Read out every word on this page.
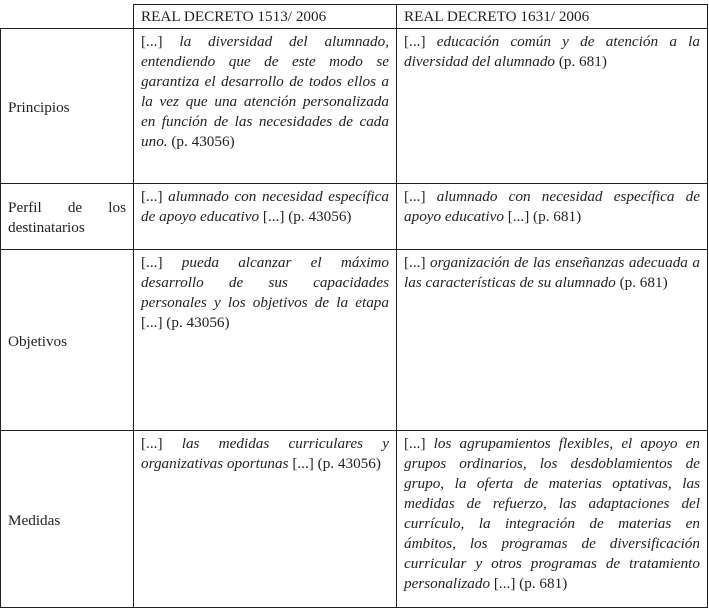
	REAL DECRETO 1513/ 2006	REAL DECRETO 1631/ 2006
Principios	[...] la diversidad del alumnado, entendiendo que de este modo se garantiza el desarrollo de todos ellos a la vez que una atención personalizada en función de las necesidades de cada uno. (p. 43056)	[...] educación común y de atención a la diversidad del alumnado (p. 681)
Perfil de los destinatarios	[...] alumnado con necesidad específica de apoyo educativo [...] (p. 43056)	[...] alumnado con necesidad específica de apoyo educativo [...] (p. 681)
Objetivos	[...] pueda alcanzar el máximo desarrollo de sus capacidades personales y los objetivos de la etapa [...] (p. 43056)	[...] organización de las enseñanzas adecuada a las características de su alumnado (p. 681)
Medidas	[...] las medidas curriculares y organizativas oportunas [...] (p. 43056)	[...] los agrupamientos flexibles, el apoyo en grupos ordinarios, los desdoblamientos de grupo, la oferta de materias optativas, las medidas de refuerzo, las adaptaciones del currículo, la integración de materias en ámbitos, los programas de diversificación curricular y otros programas de tratamiento personalizado [...] (p. 681)
